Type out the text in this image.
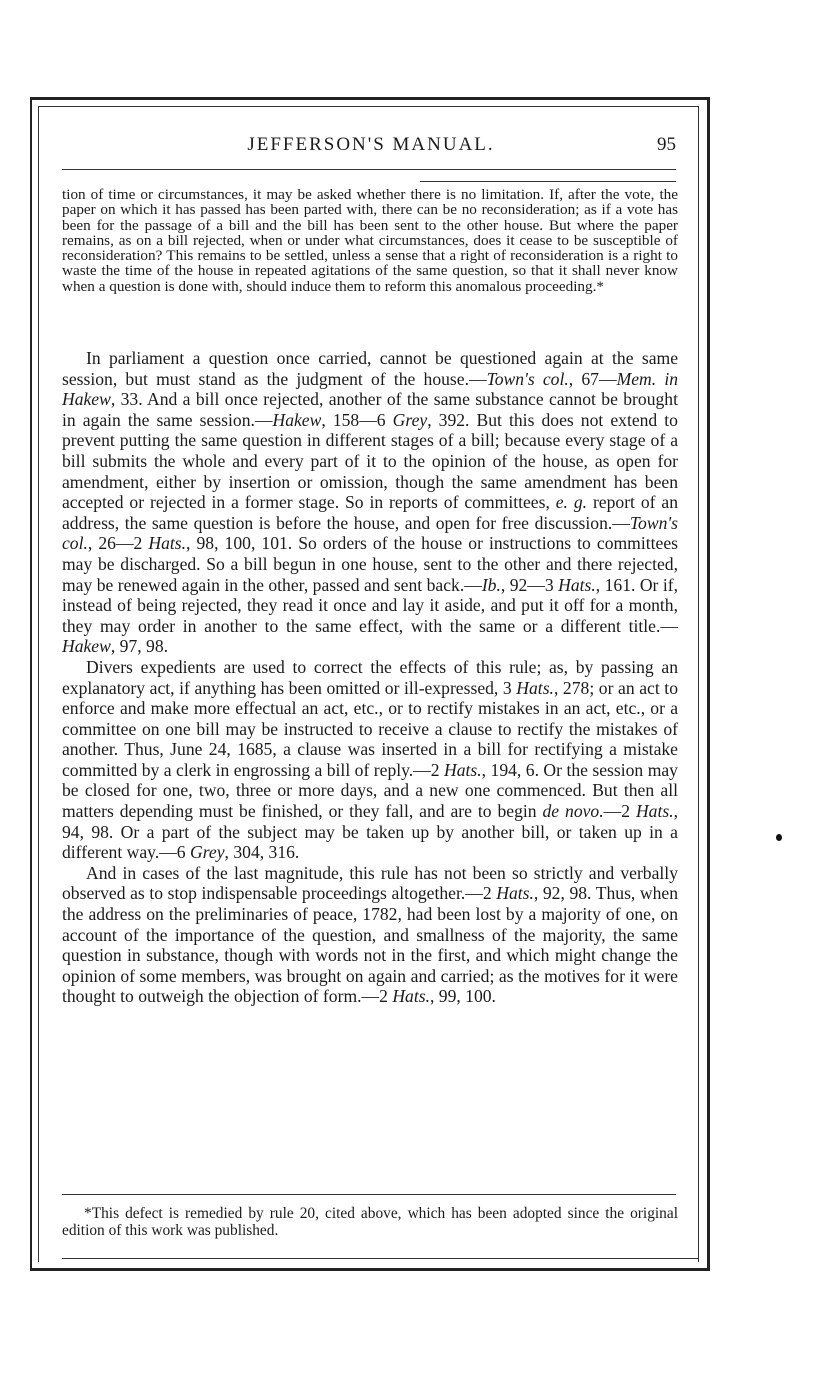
JEFFERSON'S MANUAL.	95
tion of time or circumstances, it may be asked whether there is no limitation. If, after the vote, the paper on which it has passed has been parted with, there can be no reconsideration; as if a vote has been for the passage of a bill and the bill has been sent to the other house. But where the paper remains, as on a bill rejected, when or under what circumstances, does it cease to be susceptible of reconsideration? This remains to be settled, unless a sense that a right of reconsideration is a right to waste the time of the house in repeated agitations of the same question, so that it shall never know when a question is done with, should induce them to reform this anomalous proceeding.*

In parliament a question once carried, cannot be questioned again at the same session, but must stand as the judgment of the house.—Town's col., 67—Mem. in Hakew, 33. And a bill once rejected, another of the same substance cannot be brought in again the same session.—Hakew, 158—6 Grey, 392. But this does not extend to prevent putting the same question in different stages of a bill; because every stage of a bill submits the whole and every part of it to the opinion of the house, as open for amendment, either by insertion or omission, though the same amendment has been accepted or rejected in a former stage. So in reports of committees, e. g. report of an address, the same question is before the house, and open for free discussion.—Town's col., 26—2 Hats., 98, 100, 101. So orders of the house or instructions to committees may be discharged. So a bill begun in one house, sent to the other and there rejected, may be renewed again in the other, passed and sent back.—Ib., 92—3 Hats., 161. Or if, instead of being rejected, they read it once and lay it aside, and put it off for a month, they may order in another to the same effect, with the same or a different title.—Hakew, 97, 98.

Divers expedients are used to correct the effects of this rule; as, by passing an explanatory act, if anything has been omitted or ill-expressed, 3 Hats., 278; or an act to enforce and make more effectual an act, etc., or to rectify mistakes in an act, etc., or a committee on one bill may be instructed to receive a clause to rectify the mistakes of another. Thus, June 24, 1685, a clause was inserted in a bill for rectifying a mistake committed by a clerk in engrossing a bill of reply.—2 Hats., 194, 6. Or the session may be closed for one, two, three or more days, and a new one commenced. But then all matters depending must be finished, or they fall, and are to begin de novo.—2 Hats., 94, 98. Or a part of the subject may be taken up by another bill, or taken up in a different way.—6 Grey, 304, 316.

And in cases of the last magnitude, this rule has not been so strictly and verbally observed as to stop indispensable proceedings altogether.—2 Hats., 92, 98. Thus, when the address on the preliminaries of peace, 1782, had been lost by a majority of one, on account of the importance of the question, and smallness of the majority, the same question in substance, though with words not in the first, and which might change the opinion of some members, was brought on again and carried; as the motives for it were thought to outweigh the objection of form.—2 Hats., 99, 100.

*This defect is remedied by rule 20, cited above, which has been adopted since the original edition of this work was published.
